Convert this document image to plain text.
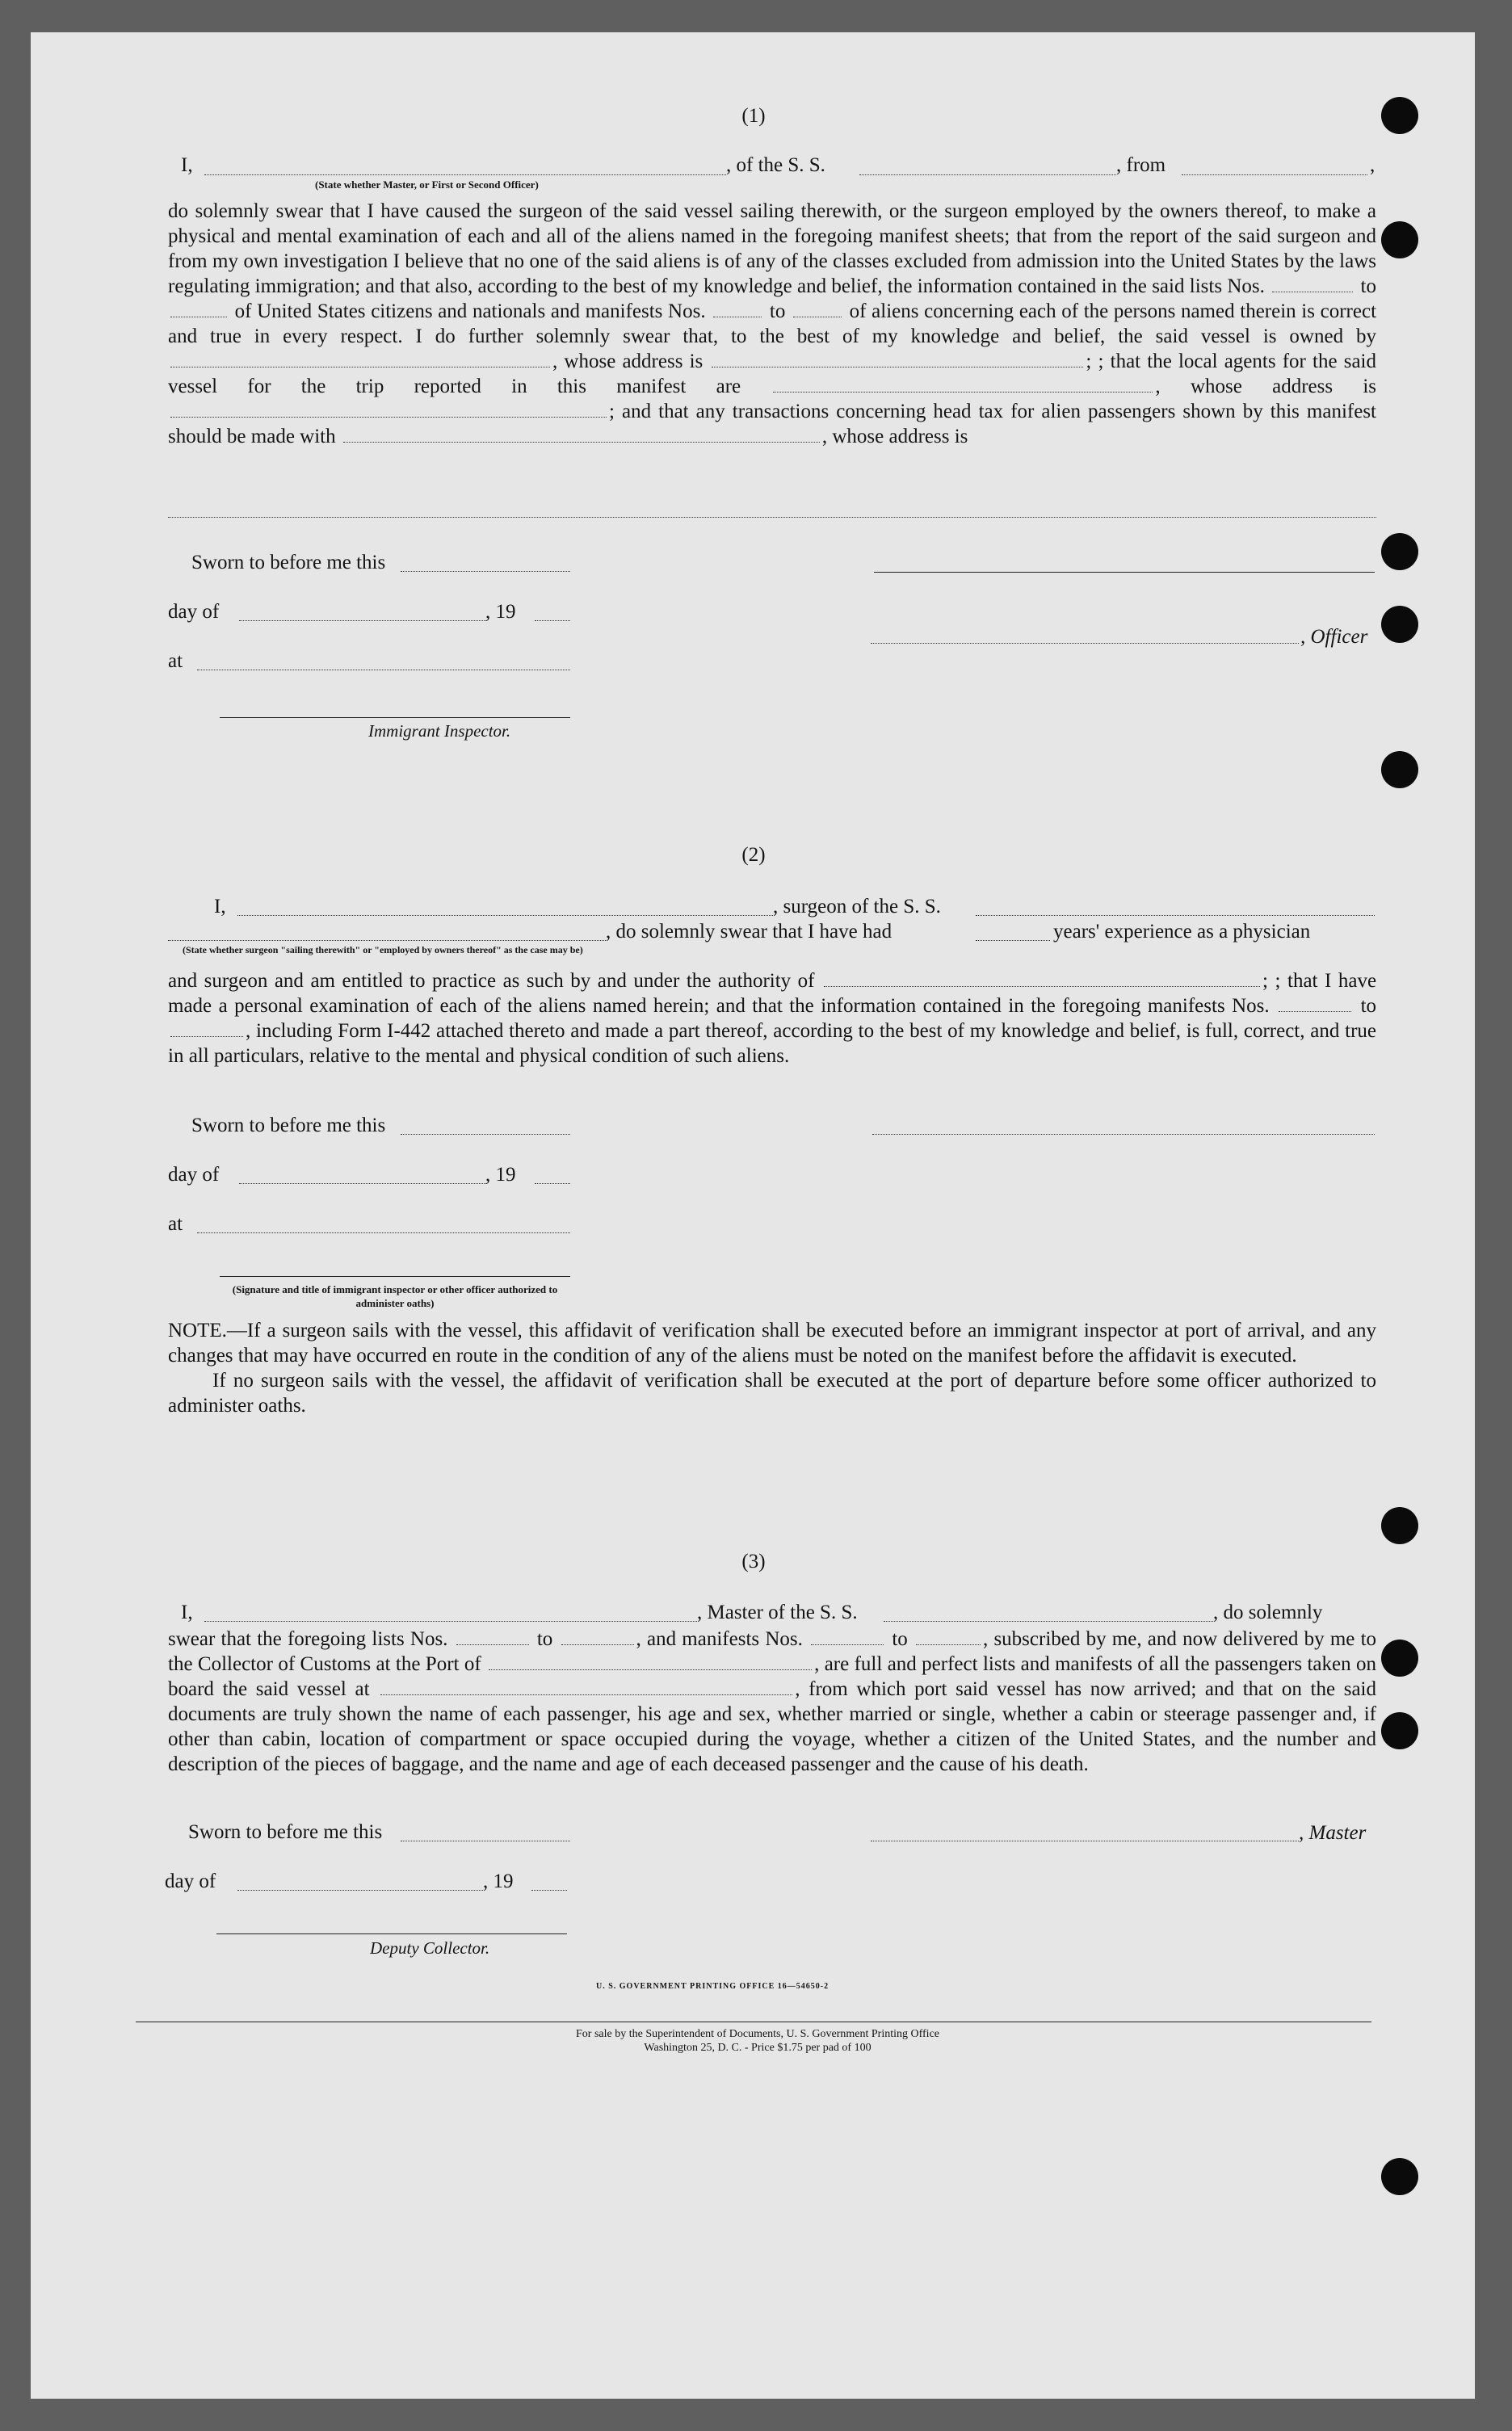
(1)
I,	, of the S. S.	, from	,
(State whether Master, or First or Second Officer)

do solemnly swear that I have caused the surgeon of the said vessel sailing therewith, or the surgeon employed by the owners thereof, to make a physical and mental examination of each and all of the aliens named in the foregoing manifest sheets; that from the report of the said surgeon and from my own investigation I believe that no one of the said aliens is of any of the classes excluded from admission into the United States by the laws regulating immigration; and that also, according to the best of my knowledge and belief, the information contained in the said lists Nos.	to  of United States citizens and nationals and manifests Nos.	to	of aliens concerning each of the persons named therein is correct and true in every respect. I do further solemnly swear that, to the best of my knowledge and belief, the said vessel is owned by , whose address is	; ; that the local agents for the said vessel for the trip reported in this manifest are	, whose address is ; and that any transactions concerning head tax for alien passengers shown by this manifest should be made with	, whose address is

Sworn to before me this
day of	, 19
, Officer
at
Immigrant Inspector.
(2)
I,	, surgeon of the S. S.
, do solemnly swear that I have had	years' experience as a physician
(State whether surgeon "sailing therewith" or "employed by owners thereof" as the case may be)

and surgeon and am entitled to practice as such by and under the authority of	; ; that I have made a personal examination of each of the aliens named herein; and that the information contained in the foregoing manifests Nos.	to , including Form I-442 attached thereto and made a part thereof, according to the best of my knowledge and belief, is full, correct, and true in all particulars, relative to the mental and physical condition of such aliens.

Sworn to before me this
day of	, 19
at
(Signature and title of immigrant inspector or other officer authorized to administer oaths)

NOTE.—If a surgeon sails with the vessel, this affidavit of verification shall be executed before an immigrant inspector at port of arrival, and any changes that may have occurred en route in the condition of any of the aliens must be noted on the manifest before the affidavit is executed.

If no surgeon sails with the vessel, the affidavit of verification shall be executed at the port of departure before some officer authorized to administer oaths.

(3)
I,	, Master of the S. S.	, do solemnly

swear that the foregoing lists Nos.	to	, and manifests Nos.	to	, subscribed by me, and now delivered by me to the Collector of Customs at the Port of	, are full and perfect lists and manifests of all the passengers taken on board the said vessel at	, from which port said vessel has now arrived; and that on the said documents are truly shown the name of each passenger, his age and sex, whether married or single, whether a cabin or steerage passenger and, if other than cabin, location of compartment or space occupied during the voyage, whether a citizen of the United States, and the number and description of the pieces of baggage, and the name and age of each deceased passenger and the cause of his death.

Sworn to before me this	, Master
day of	, 19
Deputy Collector.
U. S. GOVERNMENT PRINTING OFFICE 16—54650-2
For sale by the Superintendent of Documents, U. S. Government Printing Office
Washington 25, D. C. - Price $1.75 per pad of 100
